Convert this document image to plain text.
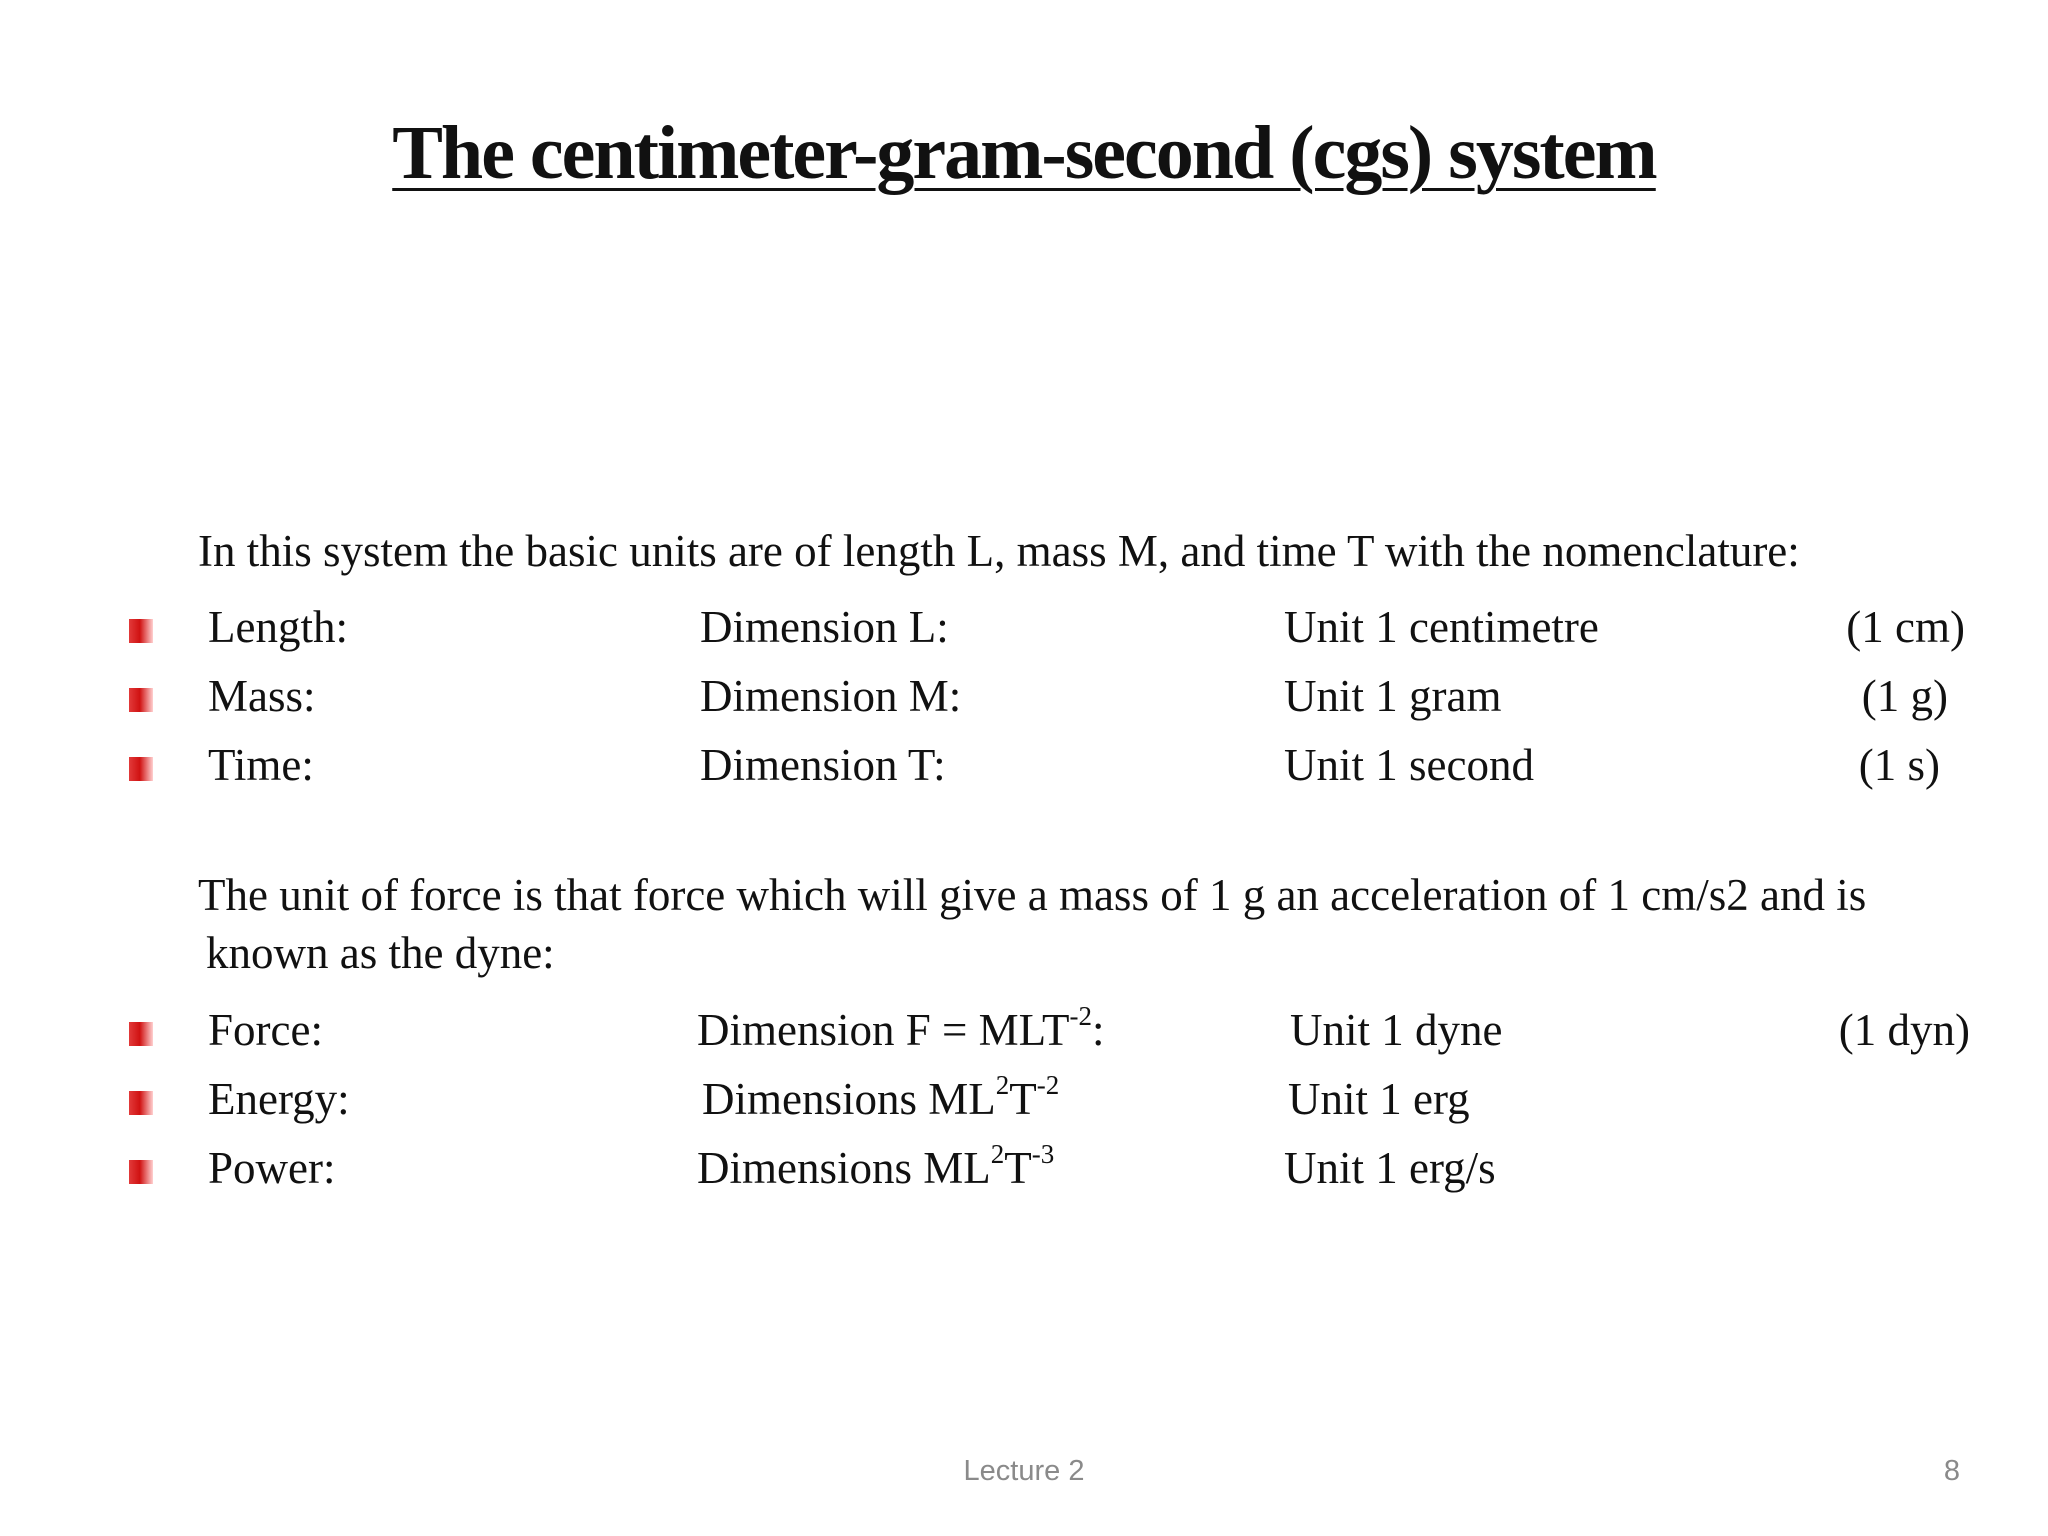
The centimeter-gram-second (cgs) system
In this system the basic units are of length L, mass M, and time T with the nomenclature:
Length:	Dimension L:	Unit 1 centimetre	(1 cm)
Mass:	Dimension M:	Unit 1 gram	(1 g)
Time:	Dimension T:	Unit 1 second	(1 s)
The unit of force is that force which will give a mass of 1 g an acceleration of 1 cm/s2 and is
known as the dyne:
Force:	Dimension $F = MLT^{-2}$:	Unit 1 dyne	(1 dyn)
Energy:	Dimensions $ML^2T^{-2}$	Unit 1 erg
Power:	Dimensions $ML^2T^{-3}$	Unit 1 erg/s
Lecture 2	8
